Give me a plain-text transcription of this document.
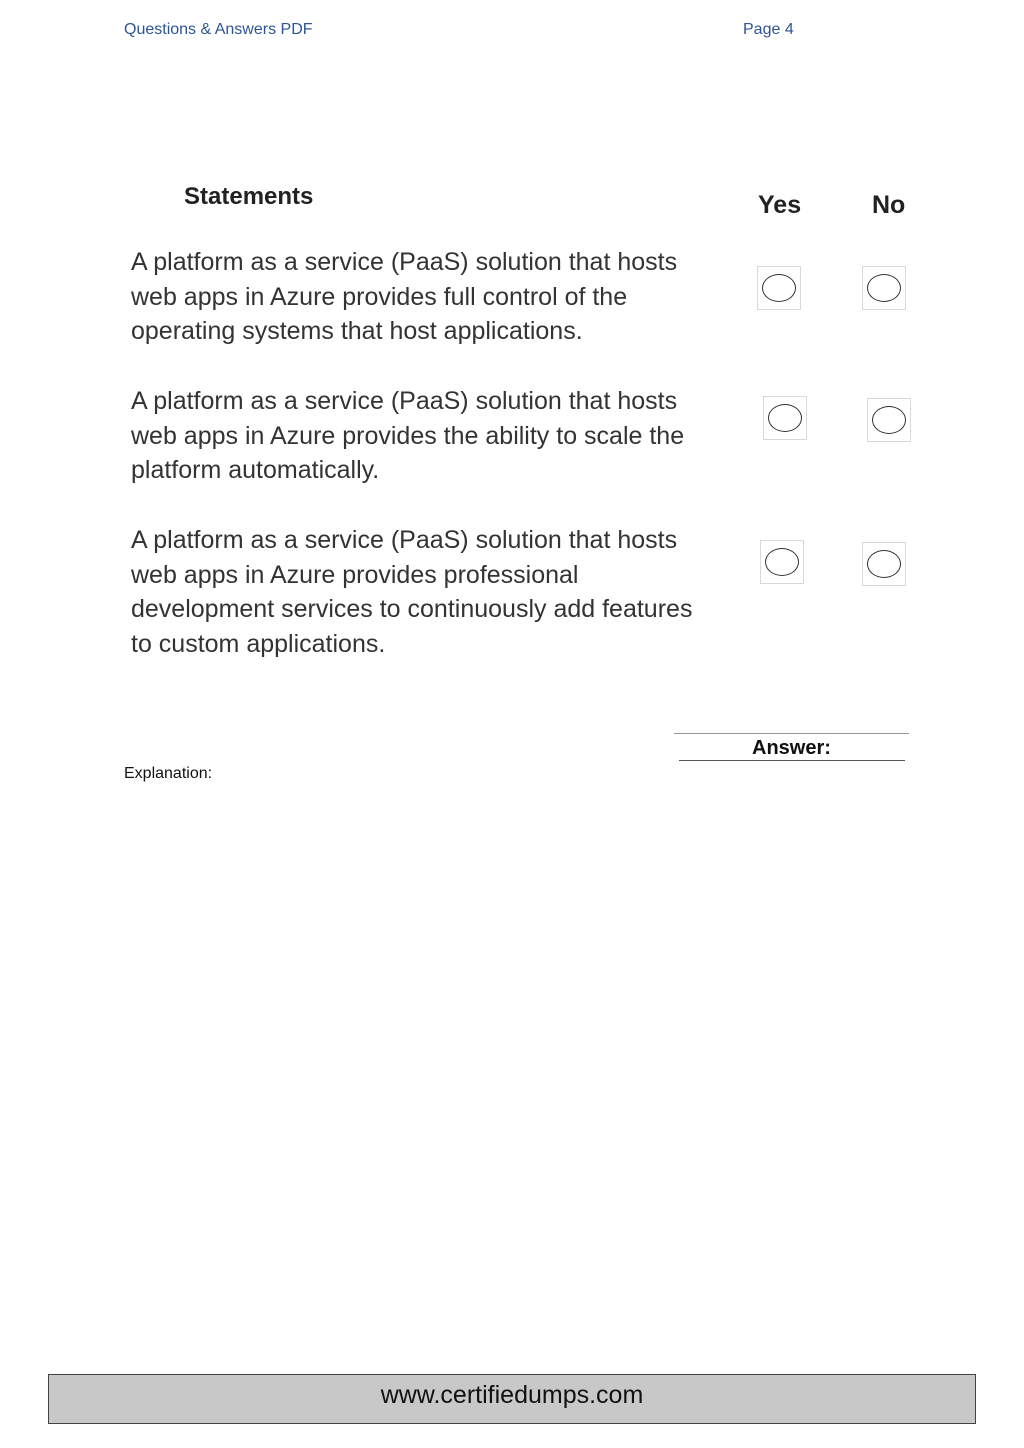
Questions & Answers PDF	Page 4
Statements	Yes	No
A platform as a service (PaaS) solution that hosts
web apps in Azure provides full control of the
operating systems that host applications.
A platform as a service (PaaS) solution that hosts
web apps in Azure provides the ability to scale the
platform automatically.
A platform as a service (PaaS) solution that hosts
web apps in Azure provides professional
development services to continuously add features
to custom applications.
Answer:
Explanation:
www.certifiedumps.com
